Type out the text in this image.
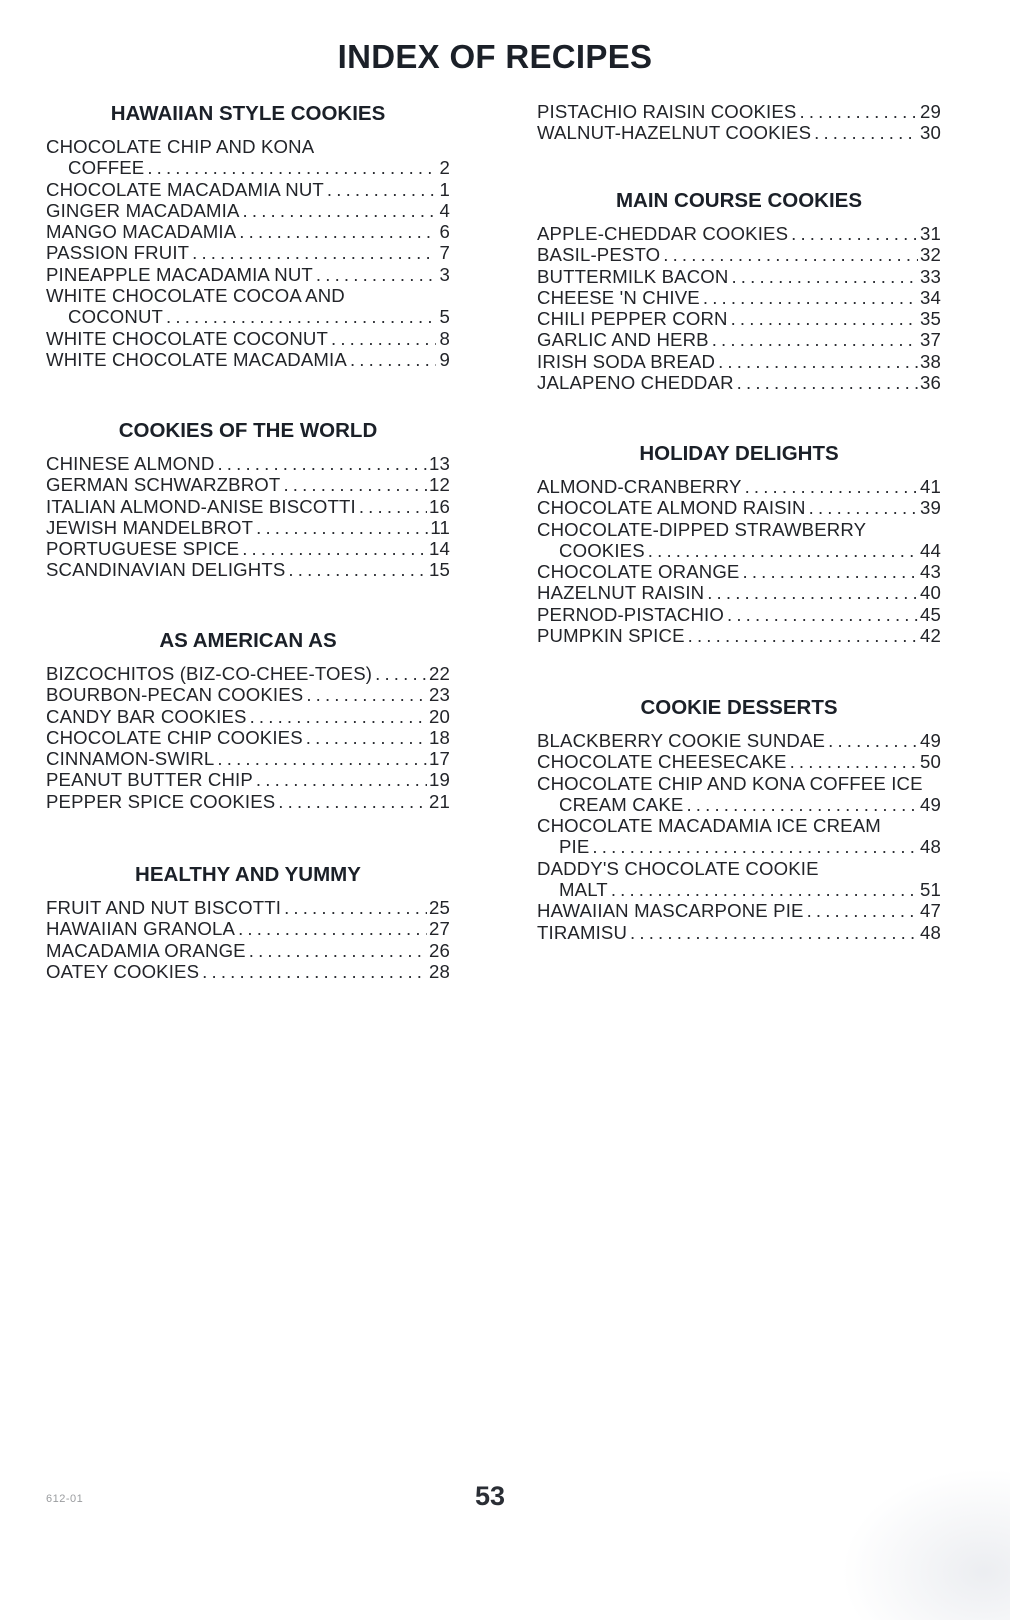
INDEX OF RECIPES
HAWAIIAN STYLE COOKIES
CHOCOLATE CHIP AND KONA
COFFEE . . .	2
CHOCOLATE MACADAMIA NUT . . .	1
GINGER MACADAMIA . . .	4
MANGO MACADAMIA . . .	6
PASSION FRUIT . . .	7
PINEAPPLE MACADAMIA NUT . . .	3
WHITE CHOCOLATE COCOA AND
COCONUT . . .	5
WHITE CHOCOLATE COCONUT . . .	8
WHITE CHOCOLATE MACADAMIA . . .	9
COOKIES OF THE WORLD
CHINESE ALMOND . . .	13
GERMAN SCHWARZBROT . . .	12
ITALIAN ALMOND-ANISE BISCOTTI . . .	16
JEWISH MANDELBROT . . .	11
PORTUGUESE SPICE . . .	14
SCANDINAVIAN DELIGHTS . . .	15
AS AMERICAN AS
BIZCOCHITOS (BIZ-CO-CHEE-TOES) . . .	22
BOURBON-PECAN COOKIES . . .	23
CANDY BAR COOKIES . . .	20
CHOCOLATE CHIP COOKIES . . .	18
CINNAMON-SWIRL . . .	17
PEANUT BUTTER CHIP . . .	19
PEPPER SPICE COOKIES . . .	21
HEALTHY AND YUMMY
FRUIT AND NUT BISCOTTI . . .	25
HAWAIIAN GRANOLA . . .	27
MACADAMIA ORANGE . . .	26
OATEY COOKIES . . .	28
PISTACHIO RAISIN COOKIES . . .	29
WALNUT-HAZELNUT COOKIES . . .	30
MAIN COURSE COOKIES
APPLE-CHEDDAR COOKIES . . .	31
BASIL-PESTO . . .	32
BUTTERMILK BACON . . .	33
CHEESE 'N CHIVE . . .	34
CHILI PEPPER CORN . . .	35
GARLIC AND HERB . . .	37
IRISH SODA BREAD . . .	38
JALAPENO CHEDDAR . . .	36
HOLIDAY DELIGHTS
ALMOND-CRANBERRY . . .	41
CHOCOLATE ALMOND RAISIN . . .	39
CHOCOLATE-DIPPED STRAWBERRY
COOKIES . . .	44
CHOCOLATE ORANGE . . .	43
HAZELNUT RAISIN . . .	40
PERNOD-PISTACHIO . . .	45
PUMPKIN SPICE . . .	42
COOKIE DESSERTS
BLACKBERRY COOKIE SUNDAE . . .	49
CHOCOLATE CHEESECAKE . . .	50
CHOCOLATE CHIP AND KONA COFFEE ICE
CREAM CAKE . . .	49
CHOCOLATE MACADAMIA ICE CREAM
PIE . . .	48
DADDY'S CHOCOLATE COOKIE
MALT . . .	51
HAWAIIAN MASCARPONE PIE . . .	47
TIRAMISU . . .	48
612-01	53
